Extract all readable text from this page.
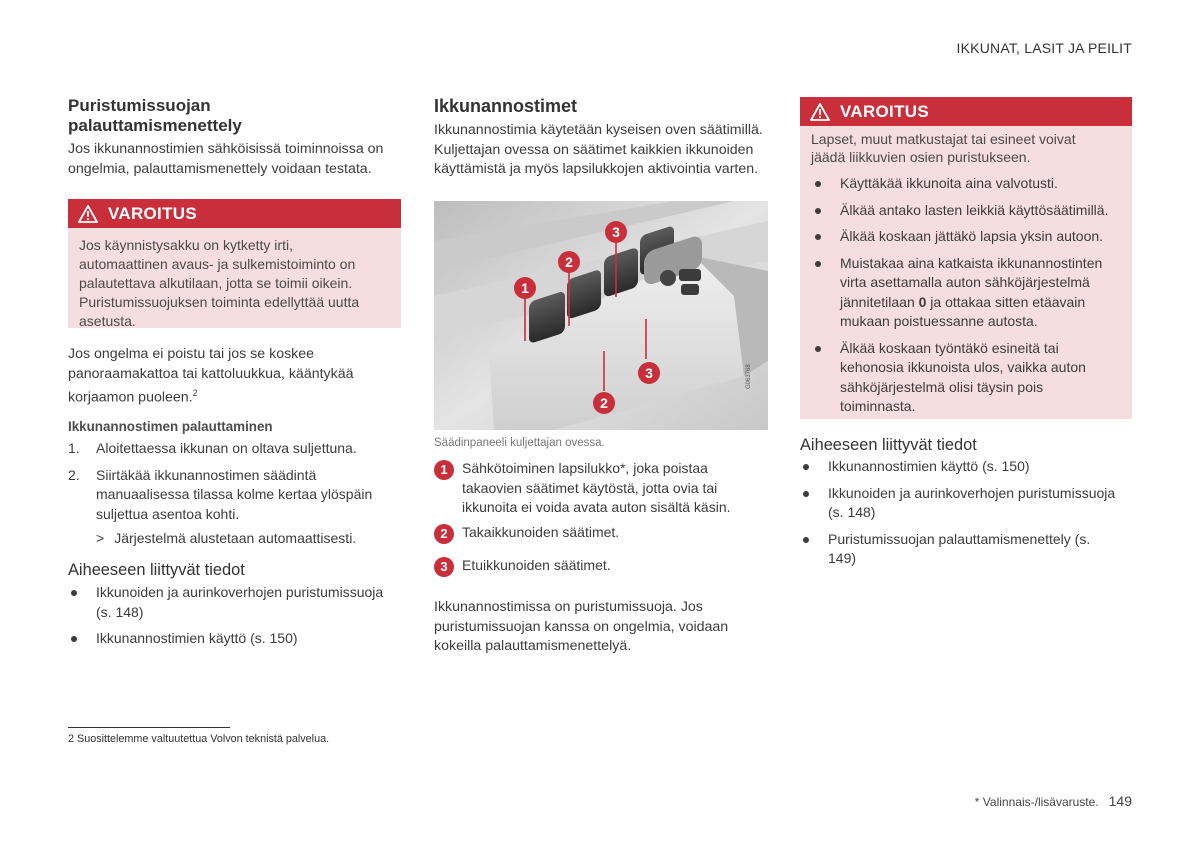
IKKUNAT, LASIT JA PEILIT
Puristumissuojan
palauttamismenettely

Jos ikkunannostimien sähköisissä toiminnoissa on ongelmia, palauttamismenettely voidaan testata.

VAROITUS
Jos käynnistysakku on kytketty irti, automaattinen avaus- ja sulkemistoiminto on palautettava alkutilaan, jotta se toimii oikein. Puristumissuojuksen toiminta edellyttää uutta asetusta.

Jos ongelma ei poistu tai jos se koskee panoraamakattoa tai kattoluukkua, kääntykää korjaamon puoleen.$^2$

Ikkunannostimen palauttaminen
1. Aloitettaessa ikkunan on oltava suljettuna.
2. Siirtäkää ikkunannostimen säädintä manuaalisessa tilassa kolme kertaa ylöspäin suljettua asentoa kohti.
> Järjestelmä alustetaan automaattisesti.
Aiheeseen liittyvät tiedot
Ikkunoiden ja aurinkoverhojen puristumissuoja (s. 148)
Ikkunannostimien käyttö (s. 150)
Ikkunannostimet

Ikkunannostimia käytetään kyseisen oven säätimillä. Kuljettajan ovessa on säätimet kaikkien ikkunoiden käyttämistä ja myös lapsilukkojen aktivointia varten.

1
2
3
2
3	G063768
Säädinpaneeli kuljettajan ovessa.
1	Sähkötoiminen lapsilukko*, joka poistaa takaovien säätimet käytöstä, jotta ovia tai ikkunoita ei voida avata auton sisältä käsin.
2	Takaikkunoiden säätimet.
3	Etuikkunoiden säätimet.

Ikkunannostimissa on puristumissuoja. Jos puristumissuojan kanssa on ongelmia, voidaan kokeilla palauttamismenettelyä.

VAROITUS
Lapset, muut matkustajat tai esineet voivat jäädä liikkuvien osien puristukseen.
Käyttäkää ikkunoita aina valvotusti.
Älkää antako lasten leikkiä käyttösäätimillä.
Älkää koskaan jättäkö lapsia yksin autoon.
Muistakaa aina katkaista ikkunannostinten virta asettamalla auton sähköjärjestelmä jännitetilaan 0 ja ottakaa sitten etäavain mukaan poistuessanne autosta.
Älkää koskaan työntäkö esineitä tai kehonosia ikkunoista ulos, vaikka auton sähköjärjestelmä olisi täysin pois toiminnasta.
Aiheeseen liittyvät tiedot
Ikkunannostimien käyttö (s. 150)
Ikkunoiden ja aurinkoverhojen puristumissuoja (s. 148)
Puristumissuojan palauttamismenettely (s. 149)
2 Suosittelemme valtuutettua Volvon teknistä palvelua.
* Valinnais-/lisävaruste. 149
